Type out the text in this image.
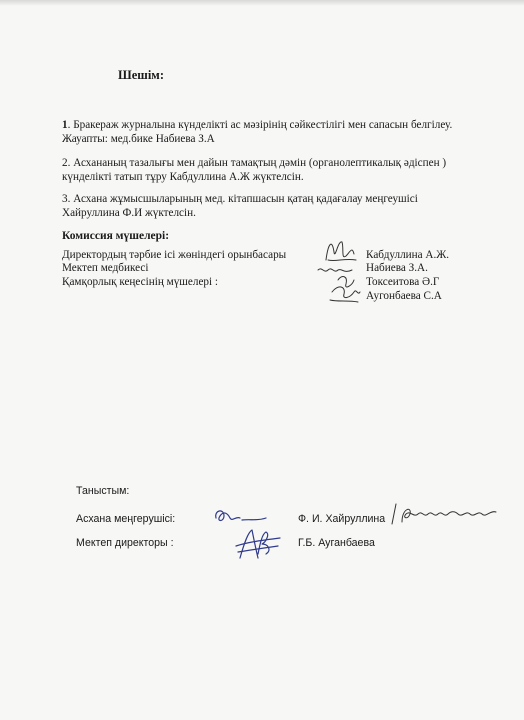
Шешім:
1. Бракераж журналына күнделікті ас мәзірінің сәйкестілігі мен сапасын белгілеу. Жауапты: мед.бике Набиева З.А
2. Асхананың тазалығы мен дайын тамақтың дәмін (органолептикалық әдіспен ) күнделікті татып тұру Кабдуллина А.Ж жүктелсін.
3. Асхана жұмысшыларының мед. кітапшасын қатаң қадағалау меңгеушісі Хайруллина Ф.И жүктелсін.
Комиссия мүшелері:
Директордың тәрбие ісі жөніндегі орынбасары
Мектеп медбикесі
Қамқорлық кеңесінің мүшелері :
Кабдуллина А.Ж.
Набиева З.А.
Токсеитова Ә.Г
Аугонбаева С.А
Таныстым:
Асхана меңгерушісі:	Ф. И. Хайруллина
Мектеп директоры :	Г.Б. Ауганбаева
